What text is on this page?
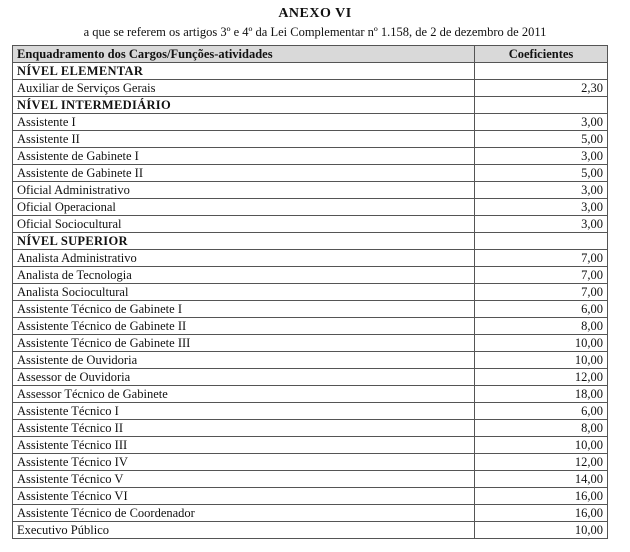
ANEXO VI
a que se referem os artigos 3º e 4º da Lei Complementar nº 1.158, de 2 de dezembro de 2011
Enquadramento dos Cargos/Funções-atividades	Coeficientes
NÍVEL ELEMENTAR	
Auxiliar de Serviços Gerais	2,30
NÍVEL INTERMEDIÁRIO	
Assistente I	3,00
Assistente II	5,00
Assistente de Gabinete I	3,00
Assistente de Gabinete II	5,00
Oficial Administrativo	3,00
Oficial Operacional	3,00
Oficial Sociocultural	3,00
NÍVEL SUPERIOR	
Analista Administrativo	7,00
Analista de Tecnologia	7,00
Analista Sociocultural	7,00
Assistente Técnico de Gabinete I	6,00
Assistente Técnico de Gabinete II	8,00
Assistente Técnico de Gabinete III	10,00
Assistente de Ouvidoria	10,00
Assessor de Ouvidoria	12,00
Assessor Técnico de Gabinete	18,00
Assistente Técnico I	6,00
Assistente Técnico II	8,00
Assistente Técnico III	10,00
Assistente Técnico IV	12,00
Assistente Técnico V	14,00
Assistente Técnico VI	16,00
Assistente Técnico de Coordenador	16,00
Executivo Público	10,00
